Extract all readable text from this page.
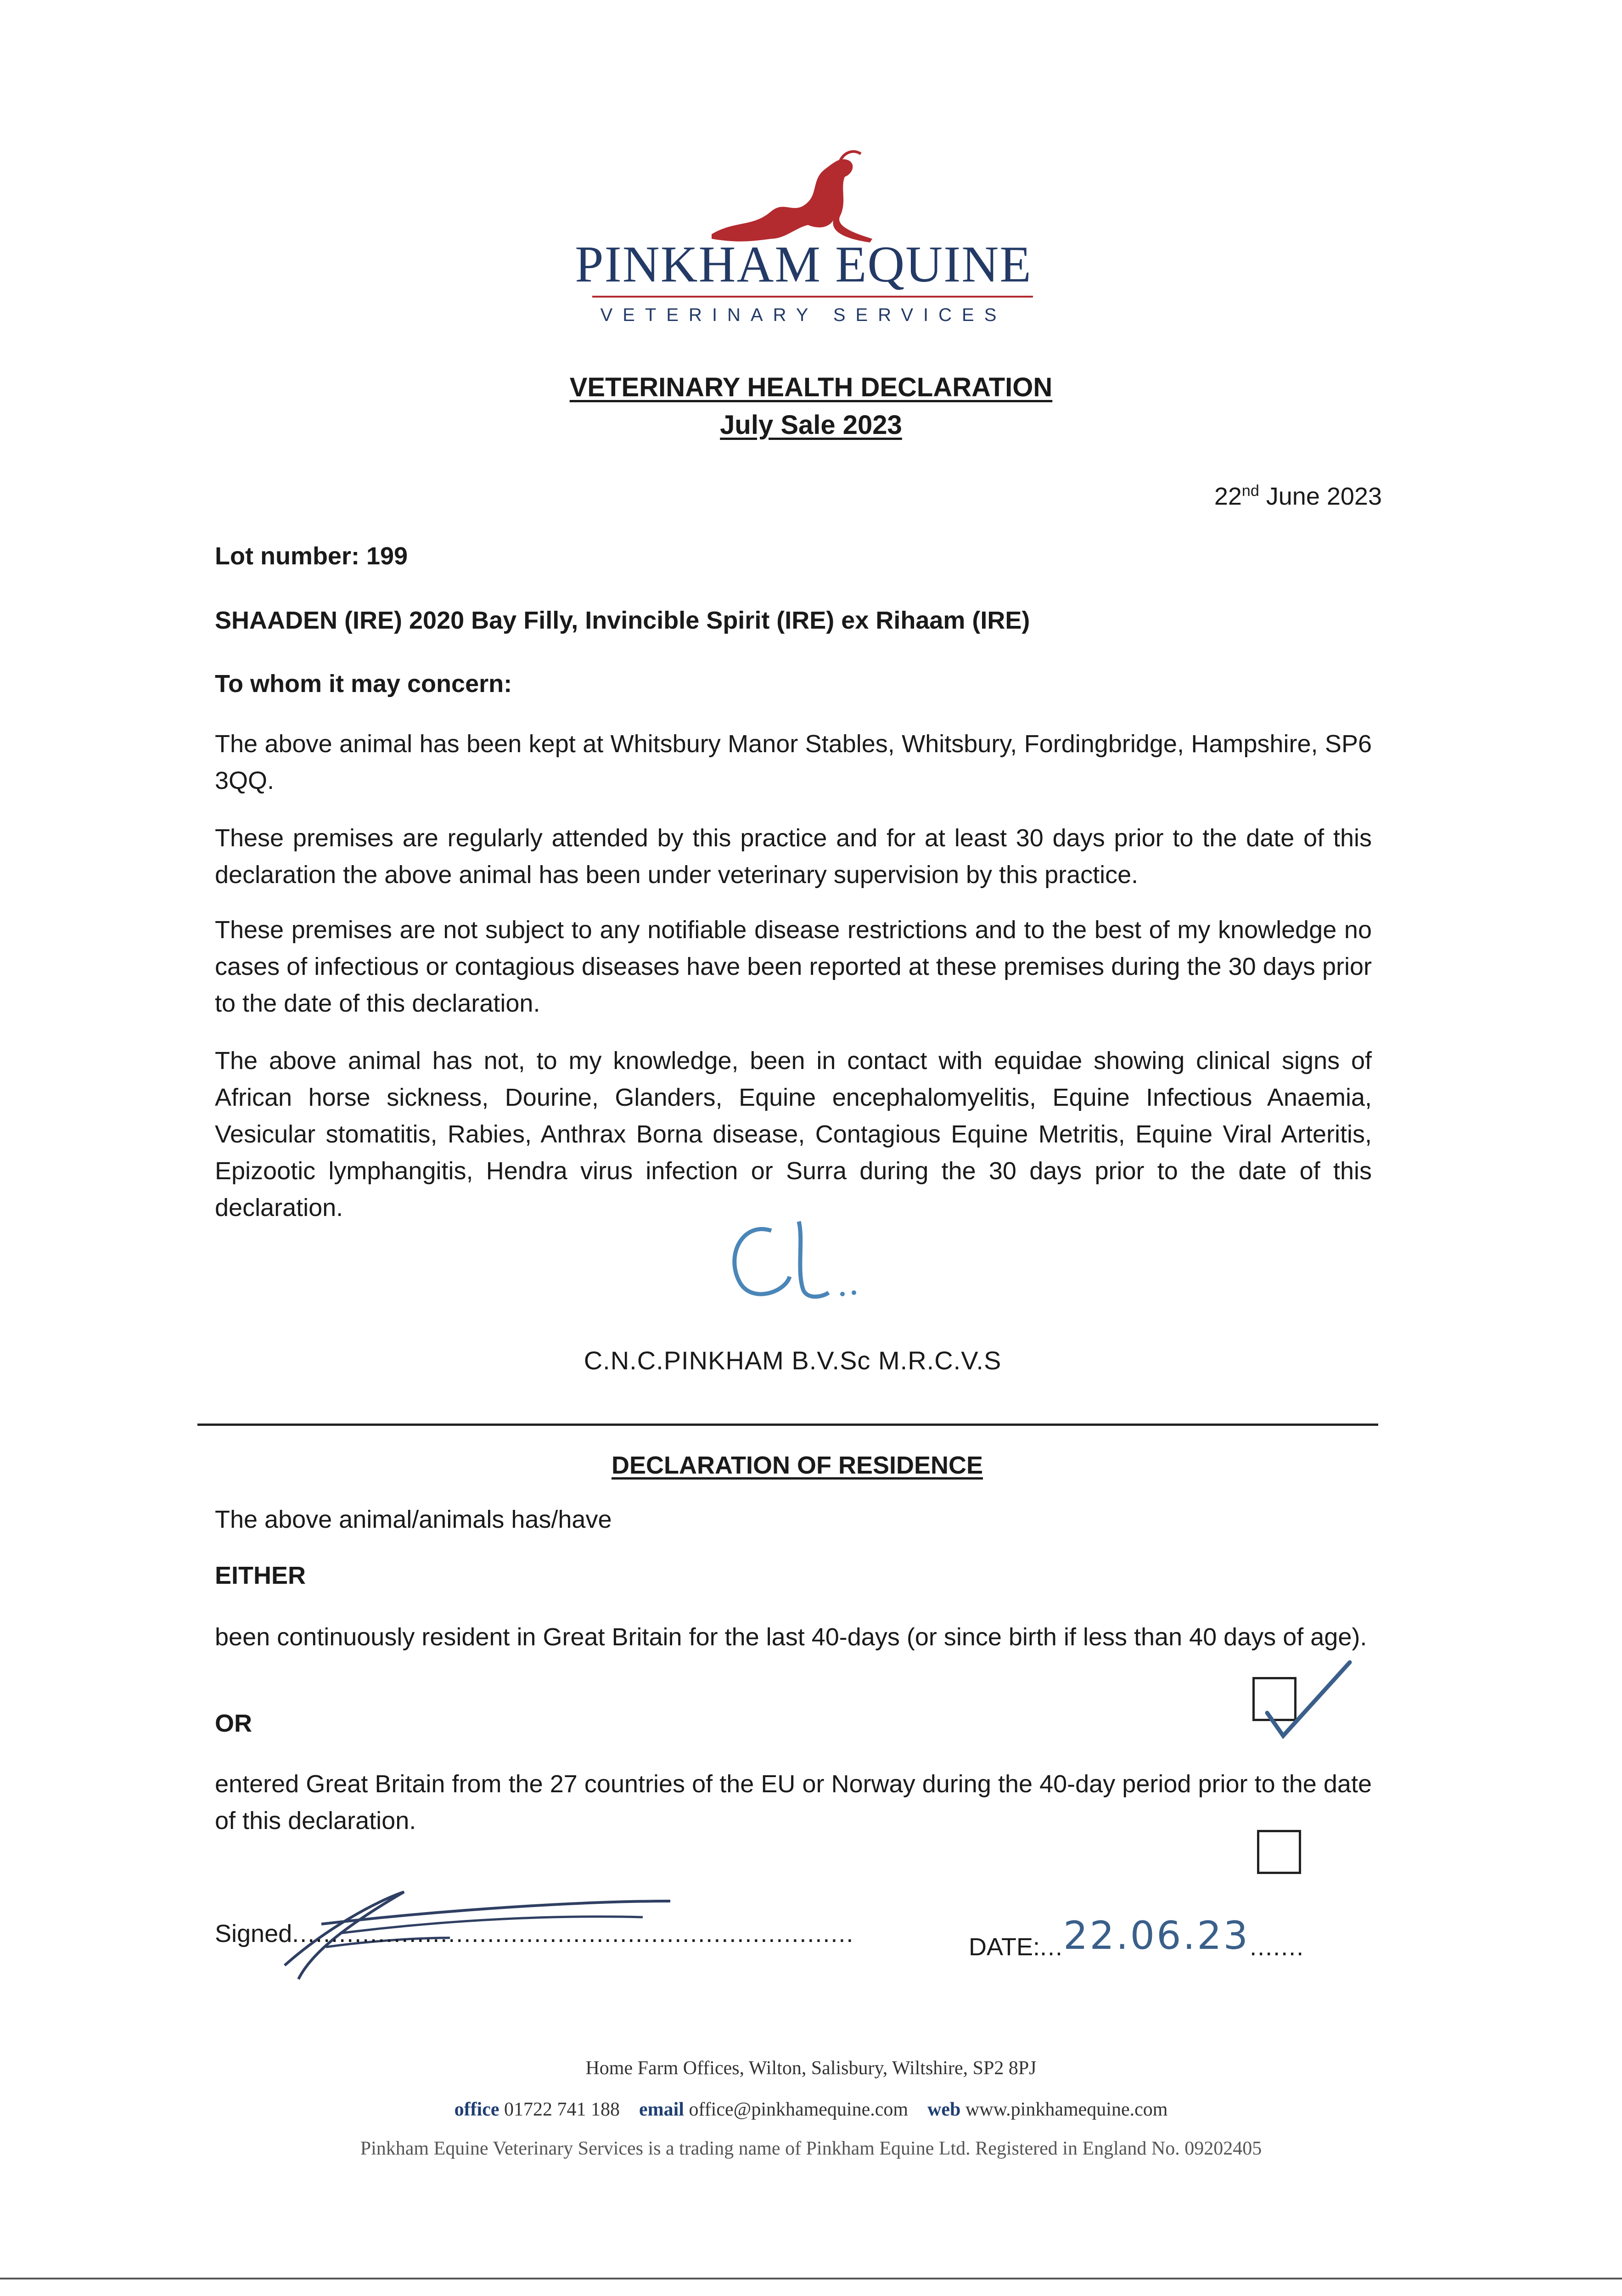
PINKHAM EQUINE
VETERINARY SERVICES
VETERINARY HEALTH DECLARATION
July Sale 2023
22nd June 2023
Lot number: 199
SHAADEN (IRE) 2020 Bay Filly, Invincible Spirit (IRE) ex Rihaam (IRE)
To whom it may concern:
The above animal has been kept at Whitsbury Manor Stables, Whitsbury, Fordingbridge, Hampshire, SP6 3QQ.
These premises are regularly attended by this practice and for at least 30 days prior to the date of this declaration the above animal has been under veterinary supervision by this practice.
These premises are not subject to any notifiable disease restrictions and to the best of my knowledge no cases of infectious or contagious diseases have been reported at these premises during the 30 days prior to the date of this declaration.
The above animal has not, to my knowledge, been in contact with equidae showing clinical signs of African horse sickness, Dourine, Glanders, Equine encephalomyelitis, Equine Infectious Anaemia, Vesicular stomatitis, Rabies, Anthrax Borna disease, Contagious Equine Metritis, Equine Viral Arteritis, Epizootic lymphangitis, Hendra virus infection or Surra during the 30 days prior to the date of this declaration.
C.N.C.PINKHAM B.V.Sc M.R.C.V.S
DECLARATION OF RESIDENCE
The above animal/animals has/have
EITHER
been continuously resident in Great Britain for the last 40-days (or since birth if less than 40 days of age).
OR
entered Great Britain from the 27 countries of the EU or Norway during the 40-day period prior to the date of this declaration.
Signed........................................................................	DATE:...22.06.23.......
Home Farm Offices, Wilton, Salisbury, Wiltshire, SP2 8PJ
office 01722 741 188 email office@pinkhamequine.com web www.pinkhamequine.com
Pinkham Equine Veterinary Services is a trading name of Pinkham Equine Ltd. Registered in England No. 09202405
